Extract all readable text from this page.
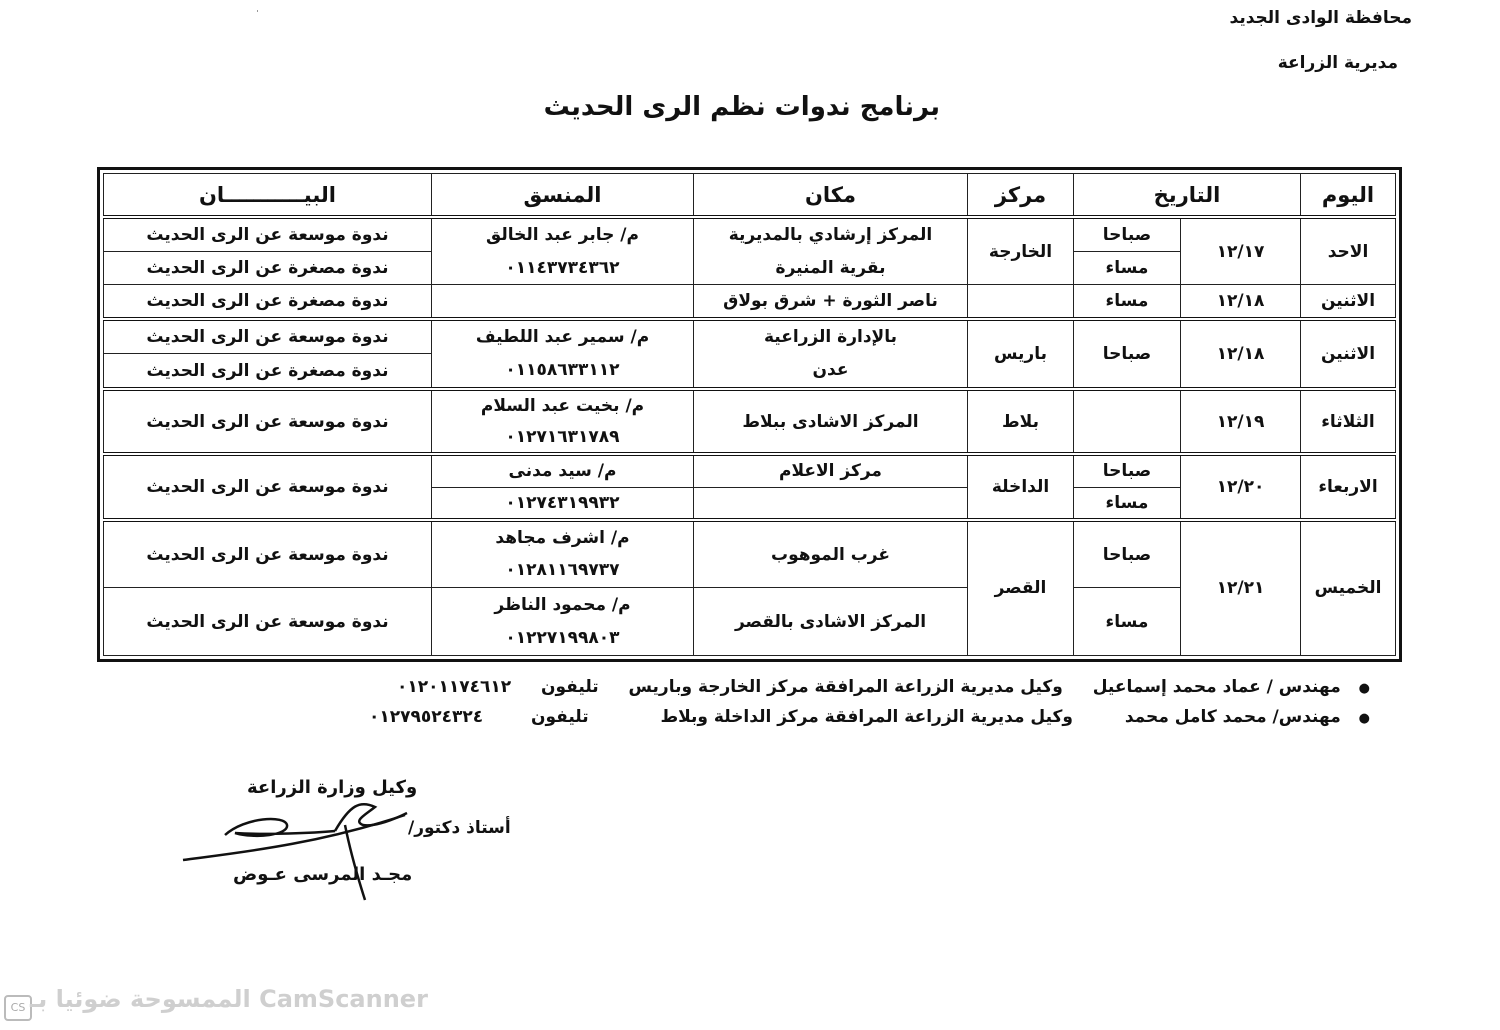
˙	محافظة الوادى الجديد
مديرية الزراعة
برنامج ندوات نظم الرى الحديث
اليوم	التاريخ		مركز	مكان	المنسق	البيـــــــــــان
الاحد	١٢/١٧	صباحا	الخارجة	المركز إرشادي بالمديرية	م/ جابر عبد الخالق	ندوة موسعة عن الرى الحديث
		مساء		بقرية المنيرة	٠١١٤٣٧٣٤٣٦٢	ندوة مصغرة عن الرى الحديث
الاثنين	١٢/١٨	مساء		ناصر الثورة + شرق بولاق		ندوة مصغرة عن الرى الحديث
الاثنين	١٢/١٨	صباحا	باريس	بالإدارة الزراعية	م/ سمير عبد اللطيف	ندوة موسعة عن الرى الحديث
				عدن	٠١١٥٨٦٣٣١١٢	ندوة مصغرة عن الرى الحديث
الثلاثاء	١٢/١٩		بلاط	المركز الاشادى ببلاط	م/ بخيت عبد السلام	ندوة موسعة عن الرى الحديث
					٠١٢٧١٦٣١٧٨٩	
الاربعاء	١٢/٢٠	صباحا	الداخلة	مركز الاعلام	م/ سيد مدنى	ندوة موسعة عن الرى الحديث
		مساء			٠١٢٧٤٣١٩٩٣٢	
الخميس	١٢/٢١	صباحا	القصر	غرب الموهوب	م/ اشرف مجاهد	ندوة موسعة عن الرى الحديث
					٠١٢٨١١٦٩٧٣٧	
		مساء		المركز الاشادى بالقصر	م/ محمود الناظر	ندوة موسعة عن الرى الحديث
					٠١٢٢٧١٩٩٨٠٣	
● مهندس / عماد محمد إسماعيل  وكيل مديرية الزراعة المرافقة مركز الخارجة وباريس  تليفون  ٠١٢٠١١٧٤٦١٢
● مهندس/ محمد كامل محمد  وكيل مديرية الزراعة المرافقة مركز الداخلة وبلاط  تليفون  ٠١٢٧٩٥٢٤٣٢٤
وكيل وزارة الزراعة
أستاذ دكتور/
مجـد المرسى عـوض
CS الممسوحة ضوئيا بـ CamScanner
